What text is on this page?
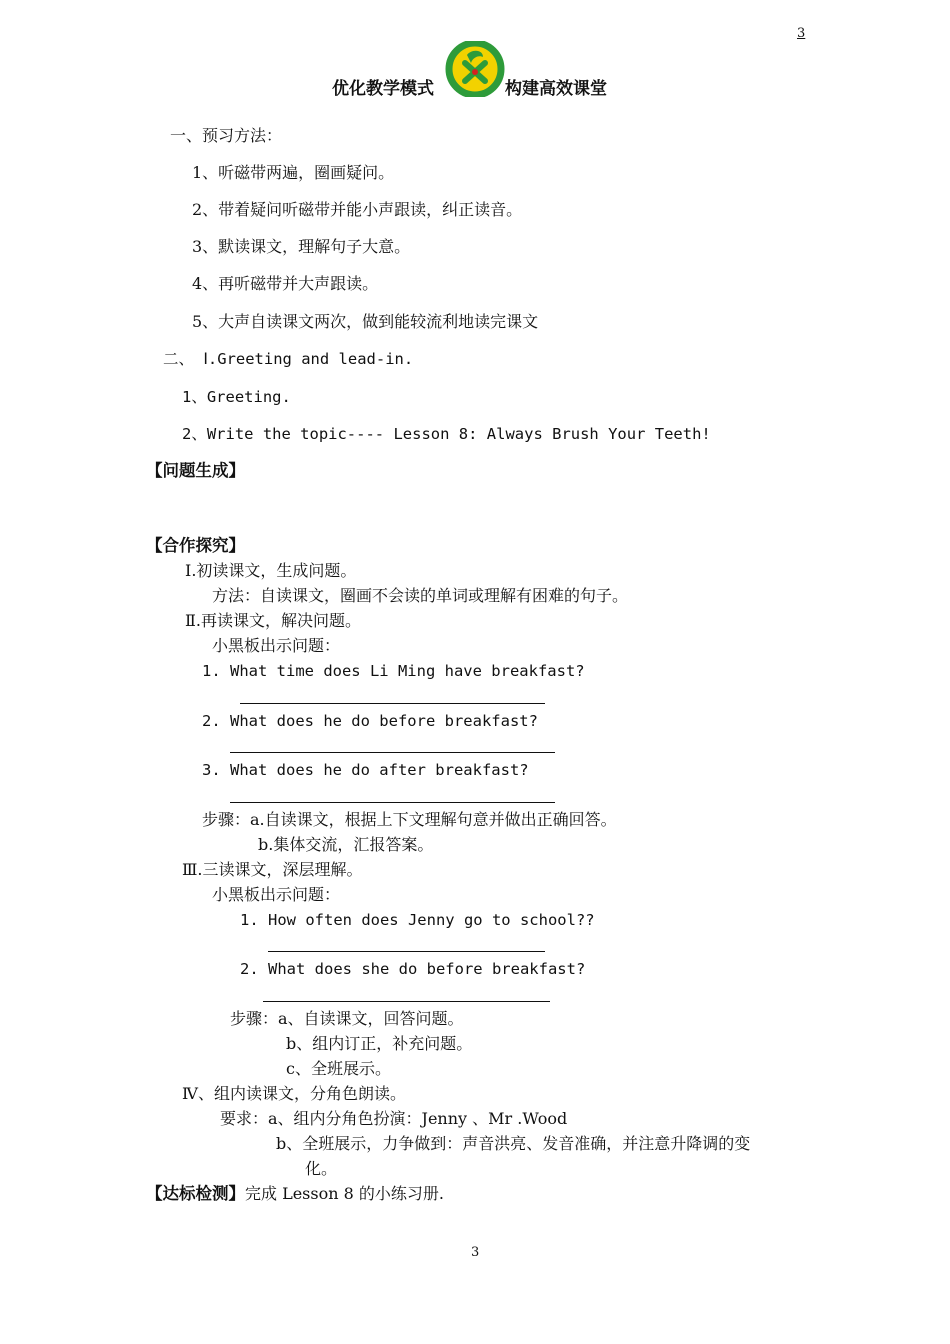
3
优化教学模式	构建高效课堂
一、预习方法：
1、听磁带两遍，圈画疑问。
2、带着疑问听磁带并能小声跟读，纠正读音。
3、默读课文，理解句子大意。
4、再听磁带并大声跟读。
5、大声自读课文两次，做到能较流利地读完课文
二、 Ⅰ.Greeting and lead-in.
1、Greeting.
2、Write the topic---- Lesson 8: Always Brush Your Teeth!
【问题生成】
【合作探究】
Ⅰ.初读课文，生成问题。
方法：自读课文，圈画不会读的单词或理解有困难的句子。
Ⅱ.再读课文，解决问题。
小黑板出示问题：
1. What time does Li Ming have breakfast?
2. What does he do before breakfast?
3. What does he do after breakfast?
步骤：a.自读课文，根据上下文理解句意并做出正确回答。
b.集体交流，汇报答案。
Ⅲ.三读课文，深层理解。
小黑板出示问题：
1. How often does Jenny go to school??
2. What does she do before breakfast?
步骤：a、自读课文，回答问题。
b、组内订正，补充问题。
c、全班展示。
Ⅳ、组内读课文，分角色朗读。
要求：a、组内分角色扮演：Jenny 、Mr .Wood
b、全班展示，力争做到：声音洪亮、发音准确，并注意升降调的变
化。
【达标检测】完成 Lesson 8 的小练习册.
3
